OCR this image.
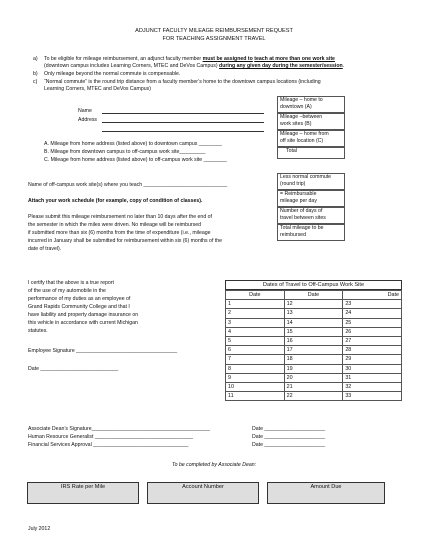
ADJUNCT FACULTY MILEAGE REIMBURSEMENT REQUEST
FOR TEACHING ASSIGNMENT TRAVEL
a) To be eligible for mileage reimbursement, an adjunct faculty member must be assigned to teach at more than one work site
(downtown campus includes Learning Corners, MTEC and DeVos Campus) during any given day during the semester/session.
b) Only mileage beyond the normal commute is compensable.
c) “Normal commute” is the round trip distance from a faculty member’s home to the downtown campus locations (including
Learning Corners, MTEC and DeVos Campus)
Name
Address
A. Mileage from home address (listed above) to downtown campus ________
B. Mileage from downtown campus to off-campus work site_________
C. Mileage from home address (listed above) to off-campus work site ________
Mileage – home to
downtown (A)
Mileage –between
work sites (B)
Mileage – home from
off site location (C)
Total
Less normal commute
(round trip)
= Reimbursable
mileage per day
Number of days of
travel between sites
Total mileage to be
reimbursed
Name of off-campus work site(s) where you teach _____________________________
Attach your work schedule (for example, copy of condition of classes).
Please submit this mileage reimbursement no later than 10 days after the end of
the semester in which the miles were driven. No mileage will be reimbursed
if submitted more than six (6) months from the time of expenditure (i.e., mileage
incurred in January shall be submitted for reimbursement within six (6) months of the
date of travel).
I certify that the above is a true report
of the use of my automobile in the
performance of my duties as an employee of
Grand Rapids Community College and that I
have liability and property damage insurance on
this vehicle in accordance with current Michigan
statutes.
Employee Signature ___________________________________
Date ___________________________
Dates of Travel to Off-Campus Work Site
Date	Date	Date
1	12	23
2	13	24
3	14	25
4	15	26
5	16	27
6	17	28
7	18	29
8	19	30
9	20	31
10	21	32
11	22	33
Associate Dean’s Signature_________________________________________	Date _____________________
Human Resource Generalist __________________________________	Date _____________________
Financial Services Approval _________________________________	Date _____________________
To be completed by Associate Dean:
IRS Rate per Mile	Account Number	Amount Due
July 2012
